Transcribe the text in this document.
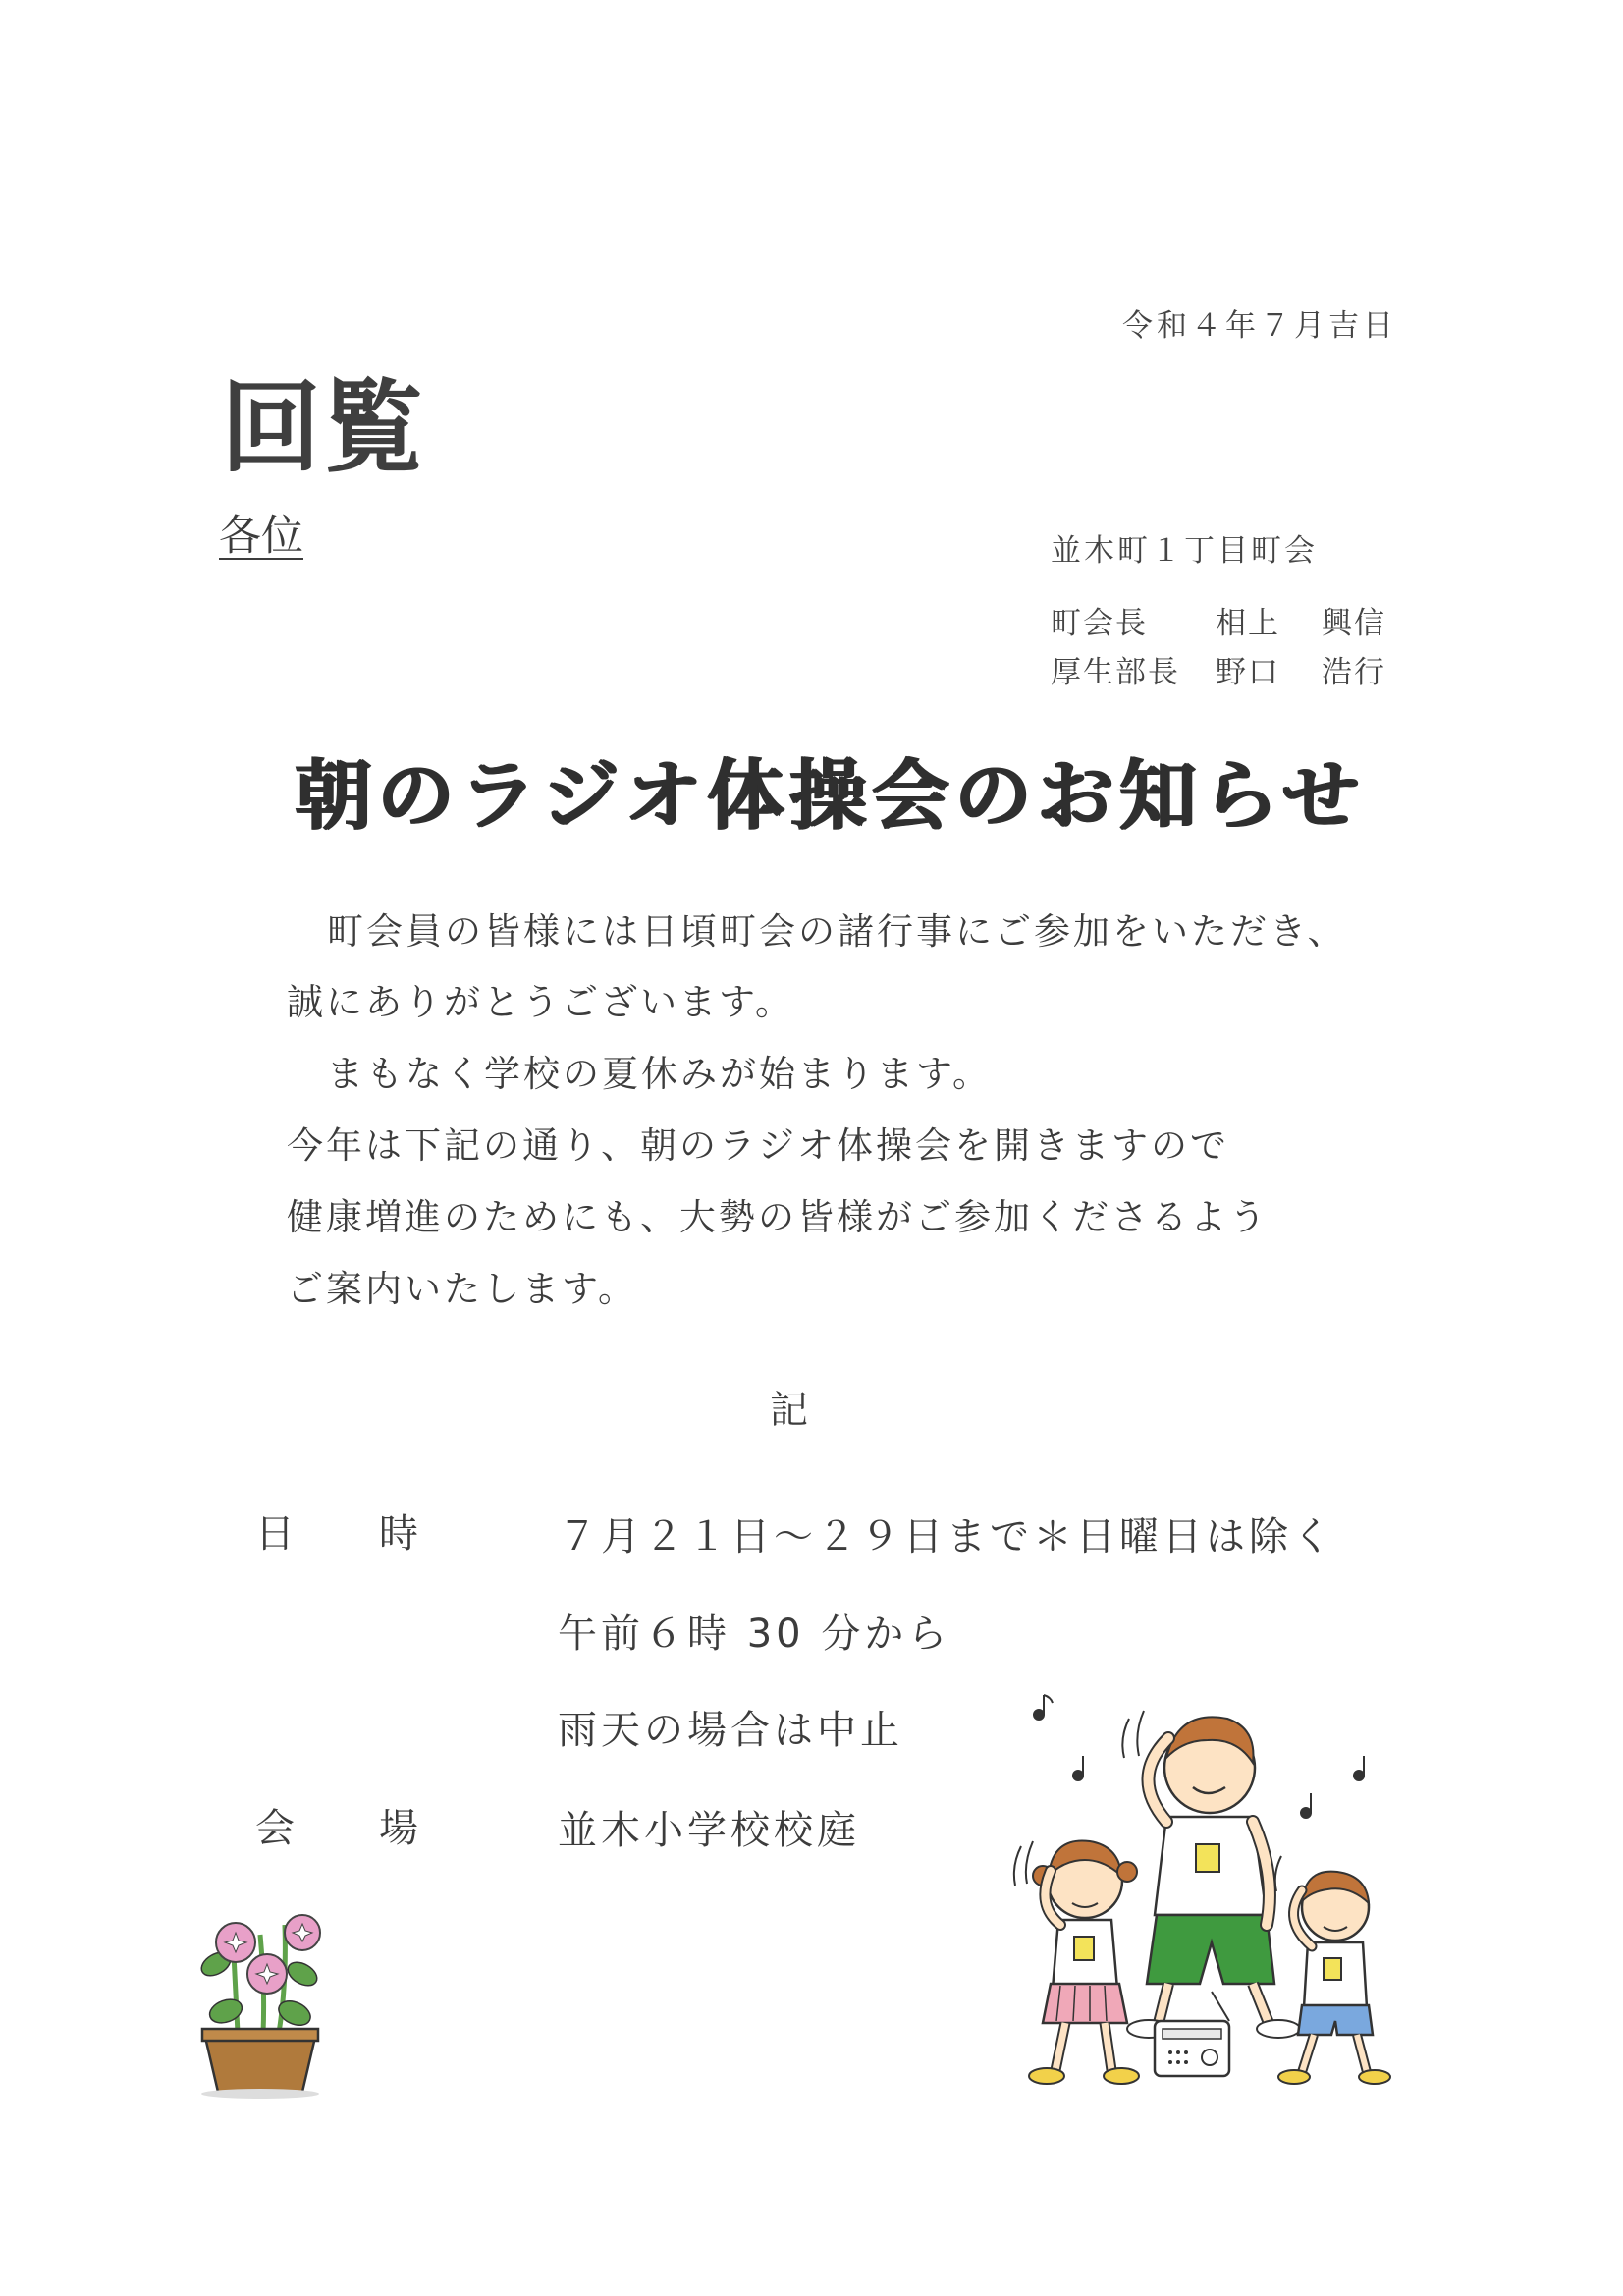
令和４年７月吉日
回覧
各位	並木町１丁目町会
町会長	相上	興信
厚生部長	野口	浩行
朝のラジオ体操会のお知らせ
町会員の皆様には日頃町会の諸行事にご参加をいただき、
誠にありがとうございます。
まもなく学校の夏休みが始まります。
今年は下記の通り、朝のラジオ体操会を開きますので
健康増進のためにも、大勢の皆様がご参加くださるよう
ご案内いたします。
記
日	時	７月２１日～２９日まで＊日曜日は除く
午前６時 30 分から
雨天の場合は中止
会	場	並木小学校校庭
